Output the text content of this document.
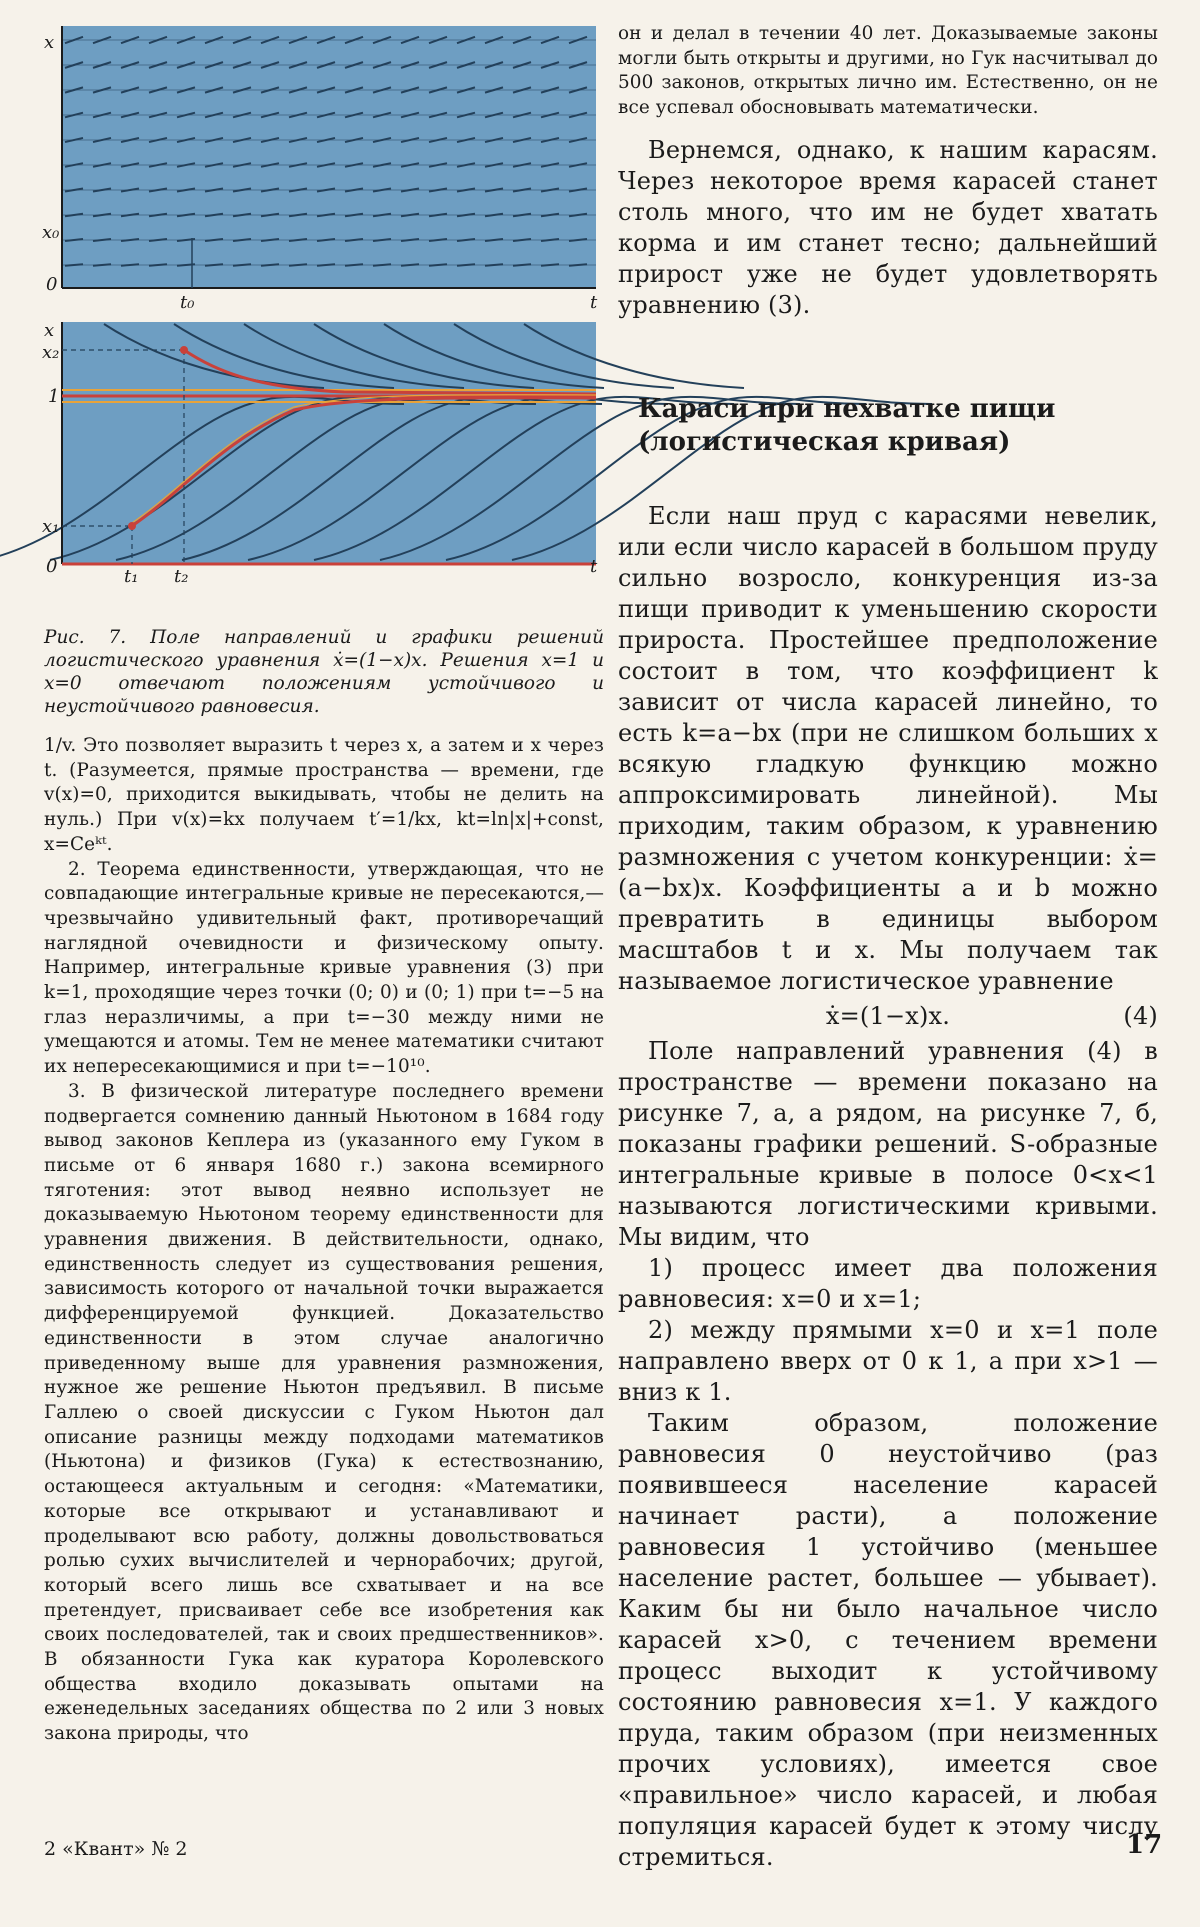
x
x₀
0
t₀	t
x
x₂
1
x₁
0	t₁ t₂	t

Рис. 7. Поле направлений и графики решений логистического уравнения ẋ=(1−x)x. Решения x=1 и x=0 отвечают положениям устойчивого и неустойчивого равновесия.

1/v. Это позволяет выразить t через x, а затем и x через t. (Разумеется, прямые пространства — времени, где v(x)=0, приходится выкидывать, чтобы не делить на нуль.) При v(x)=kx получаем t′=1/kx, kt=ln|x|+const, x=Ceᵏᵗ.

2. Теорема единственности, утверждающая, что не совпадающие интегральные кривые не пересекаются,— чрезвычайно удивительный факт, противоречащий наглядной очевидности и физическому опыту. Например, интегральные кривые уравнения (3) при k=1, проходящие через точки (0; 0) и (0; 1) при t=−5 на глаз неразличимы, а при t=−30 между ними не умещаются и атомы. Тем не менее математики считают их непересекающимися и при t=−10¹⁰.

3. В физической литературе последнего времени подвергается сомнению данный Ньютоном в 1684 году вывод законов Кеплера из (указанного ему Гуком в письме от 6 января 1680 г.) закона всемирного тяготения: этот вывод неявно использует не доказываемую Ньютоном теорему единственности для уравнения движения. В действительности, однако, единственность следует из существования решения, зависимость которого от начальной точки выражается дифференцируемой функцией. Доказательство единственности в этом случае аналогично приведенному выше для уравнения размножения, нужное же решение Ньютон предъявил. В письме Галлею о своей дискуссии с Гуком Ньютон дал описание разницы между подходами математиков (Ньютона) и физиков (Гука) к естествознанию, остающееся актуальным и сегодня: «Математики, которые все открывают и устанавливают и проделывают всю работу, должны довольствоваться ролью сухих вычислителей и чернорабочих; другой, который всего лишь все схватывает и на все претендует, присваивает себе все изобретения как своих последователей, так и своих предшественников». В обязанности Гука как куратора Королевского общества входило доказывать опытами на еженедельных заседаниях общества по 2 или 3 новых закона природы, что

он и делал в течении 40 лет. Доказываемые законы могли быть открыты и другими, но Гук насчитывал до 500 законов, открытых лично им. Естественно, он не все успевал обосновывать математически.

Вернемся, однако, к нашим карасям. Через некоторое время карасей станет столь много, что им не будет хватать корма и им станет тесно; дальнейший прирост уже не будет удовлетворять уравнению (3).

Караси при нехватке пищи
(логистическая кривая)

Если наш пруд с карасями невелик, или если число карасей в большом пруду сильно возросло, конкуренция из-за пищи приводит к уменьшению скорости прироста. Простейшее предположение состоит в том, что коэффициент k зависит от числа карасей линейно, то есть k=a−bx (при не слишком больших x всякую гладкую функцию можно аппроксимировать линейной). Мы приходим, таким образом, к уравнению размножения с учетом конкуренции: ẋ=(a−bx)x. Коэффициенты a и b можно превратить в единицы выбором масштабов t и x. Мы получаем так называемое логистическое уравнение

ẋ=(1−x)x.	(4)

Поле направлений уравнения (4) в пространстве — времени показано на рисунке 7, а, а рядом, на рисунке 7, б, показаны графики решений. S-образные интегральные кривые в полосе 0<x<1 называются логистическими кривыми. Мы видим, что

1) процесс имеет два положения равновесия: x=0 и x=1;

2) между прямыми x=0 и x=1 поле направлено вверх от 0 к 1, а при x>1 — вниз к 1.

Таким образом, положение равновесия 0 неустойчиво (раз появившееся население карасей начинает расти), а положение равновесия 1 устойчиво (меньшее население растет, большее — убывает). Каким бы ни было начальное число карасей x>0, с течением времени процесс выходит к устойчивому состоянию равновесия x=1. У каждого пруда, таким образом (при неизменных прочих условиях), имеется свое «правильное» число карасей, и любая популяция карасей будет к этому числу стремиться.

2 «Квант» № 2	17
